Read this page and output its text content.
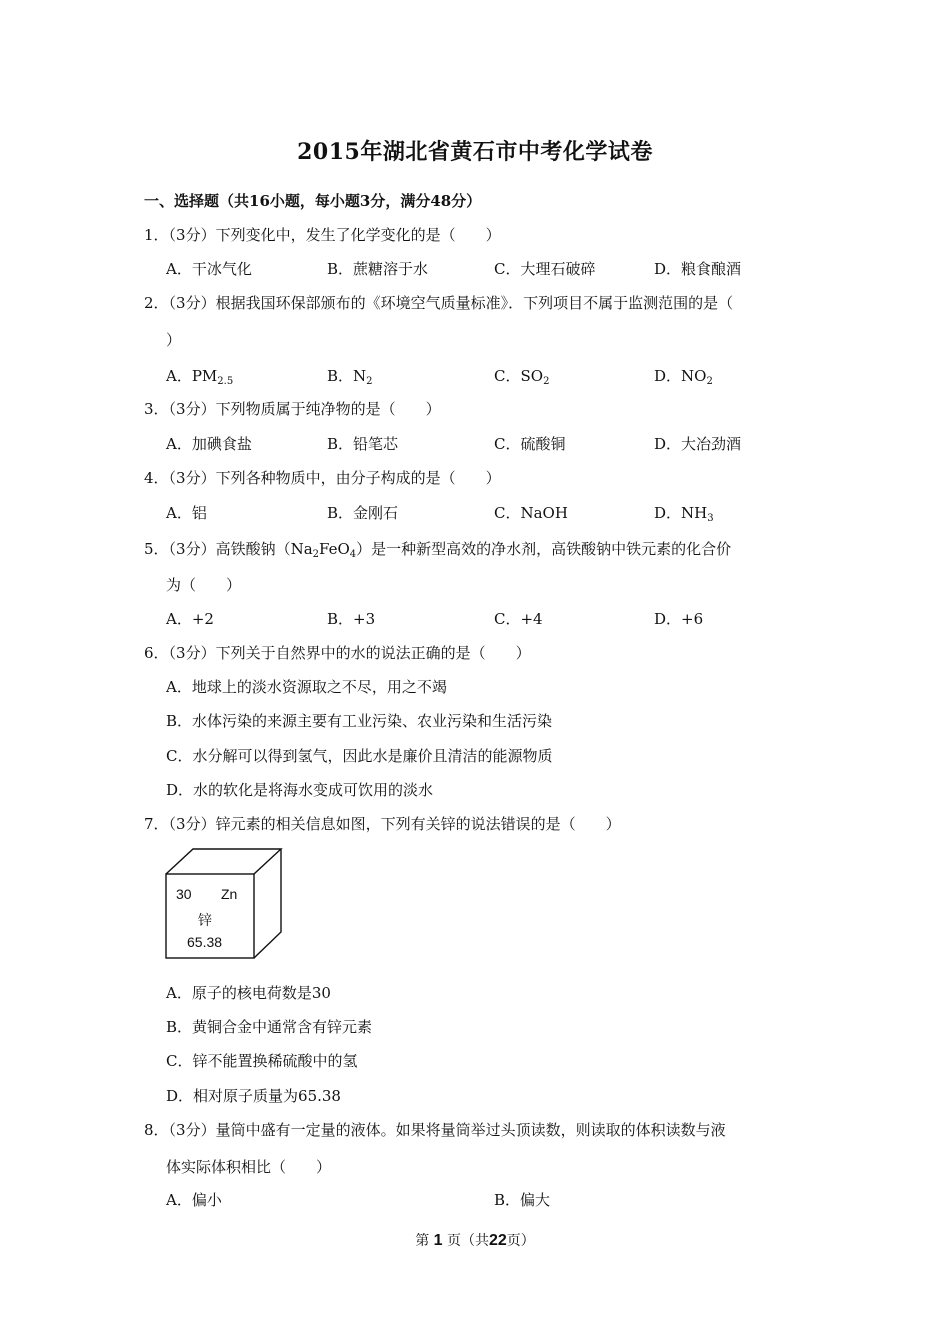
2015年湖北省黄石市中考化学试卷
一、选择题（共16小题，每小题3分，满分48分）
1．（3分）下列变化中，发生了化学变化的是（　　）
A．干冰气化	B．蔗糖溶于水	C．大理石破碎	D．粮食酿酒
2．（3分）根据我国环保部颁布的《环境空气质量标准》．下列项目不属于监测范围的是（
）
A．$PM_{2.5}$	B．$N_2$	C．$SO_2$	D．$NO_2$
3．（3分）下列物质属于纯净物的是（　　）
A．加碘食盐	B．铅笔芯	C．硫酸铜	D．大冶劲酒
4．（3分）下列各种物质中，由分子构成的是（　　）
A．铝	B．金刚石	C．NaOH	D．$NH_3$
5．（3分）高铁酸钠$(Na_2FeO_4)$是一种新型高效的净水剂，高铁酸钠中铁元素的化合价
为（　　）
A．+2	B．+3	C．+4	D．+6
6．（3分）下列关于自然界中的水的说法正确的是（　　）
A．地球上的淡水资源取之不尽，用之不竭
B．水体污染的来源主要有工业污染、农业污染和生活污染
C．水分解可以得到氢气，因此水是廉价且清洁的能源物质
D．水的软化是将海水变成可饮用的淡水
7．（3分）锌元素的相关信息如图，下列有关锌的说法错误的是（　　）
30 Zn
锌
65.38
A．原子的核电荷数是30
B．黄铜合金中通常含有锌元素
C．锌不能置换稀硫酸中的氢
D．相对原子质量为65.38
8．（3分）量筒中盛有一定量的液体。如果将量筒举过头顶读数，则读取的体积读数与液
体实际体积相比（　　）
A．偏小	B．偏大
第 1 页（共22页）
